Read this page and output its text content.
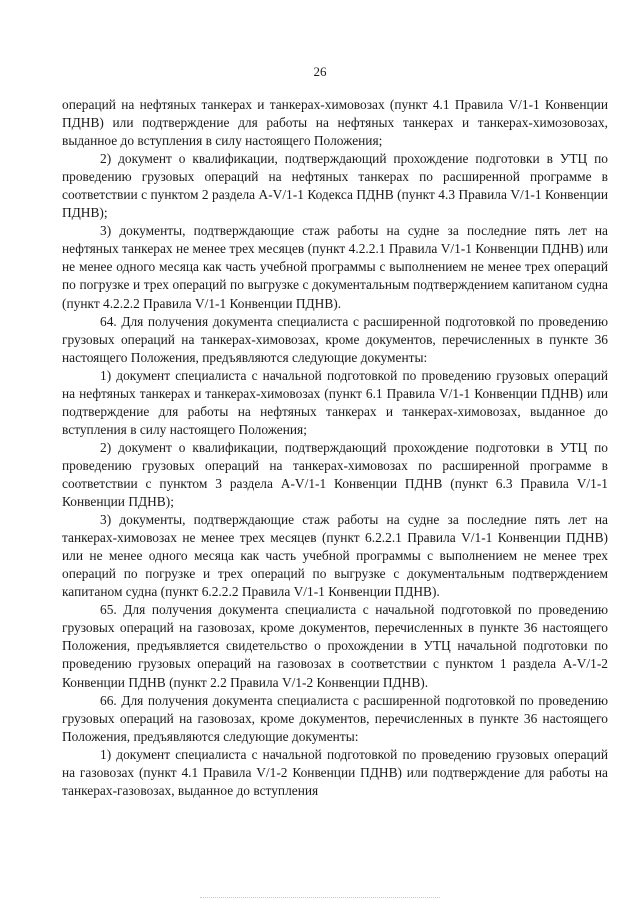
26

операций на нефтяных танкерах и танкерах-химовозах (пункт 4.1 Правила V/1-1 Конвенции ПДНВ) или подтверждение для работы на нефтяных танкерах и танкерах-химозовозах, выданное до вступления в силу настоящего Положения;

2) документ о квалификации, подтверждающий прохождение подготовки в УТЦ по проведению грузовых операций на нефтяных танкерах по расширенной программе в соответствии с пунктом 2 раздела A-V/1-1 Кодекса ПДНВ (пункт 4.3 Правила V/1-1 Конвенции ПДНВ);

3) документы, подтверждающие стаж работы на судне за последние пять лет на нефтяных танкерах не менее трех месяцев (пункт 4.2.2.1 Правила V/1-1 Конвенции ПДНВ) или не менее одного месяца как часть учебной программы с выполнением не менее трех операций по погрузке и трех операций по выгрузке с документальным подтверждением капитаном судна (пункт 4.2.2.2 Правила V/1-1 Конвенции ПДНВ).

64. Для получения документа специалиста с расширенной подготовкой по проведению грузовых операций на танкерах-химовозах, кроме документов, перечисленных в пункте 36 настоящего Положения, предъявляются следующие документы:

1) документ специалиста с начальной подготовкой по проведению грузовых операций на нефтяных танкерах и танкерах-химовозах (пункт 6.1 Правила V/1-1 Конвенции ПДНВ) или подтверждение для работы на нефтяных танкерах и танкерах-химовозах, выданное до вступления в силу настоящего Положения;

2) документ о квалификации, подтверждающий прохождение подготовки в УТЦ по проведению грузовых операций на танкерах-химовозах по расширенной программе в соответствии с пунктом 3 раздела A-V/1-1 Конвенции ПДНВ (пункт 6.3 Правила V/1-1 Конвенции ПДНВ);

3) документы, подтверждающие стаж работы на судне за последние пять лет на танкерах-химовозах не менее трех месяцев (пункт 6.2.2.1 Правила V/1-1 Конвенции ПДНВ) или не менее одного месяца как часть учебной программы с выполнением не менее трех операций по погрузке и трех операций по выгрузке с документальным подтверждением капитаном судна (пункт 6.2.2.2 Правила V/1-1 Конвенции ПДНВ).

65. Для получения документа специалиста с начальной подготовкой по проведению грузовых операций на газовозах, кроме документов, перечисленных в пункте 36 настоящего Положения, предъявляется свидетельство о прохождении в УТЦ начальной подготовки по проведению грузовых операций на газовозах в соответствии с пунктом 1 раздела A-V/1-2 Конвенции ПДНВ (пункт 2.2 Правила V/1-2 Конвенции ПДНВ).

66. Для получения документа специалиста с расширенной подготовкой по проведению грузовых операций на газовозах, кроме документов, перечисленных в пункте 36 настоящего Положения, предъявляются следующие документы:

1) документ специалиста с начальной подготовкой по проведению грузовых операций на газовозах (пункт 4.1 Правила V/1-2 Конвенции ПДНВ) или подтверждение для работы на танкерах-газовозах, выданное до вступления
